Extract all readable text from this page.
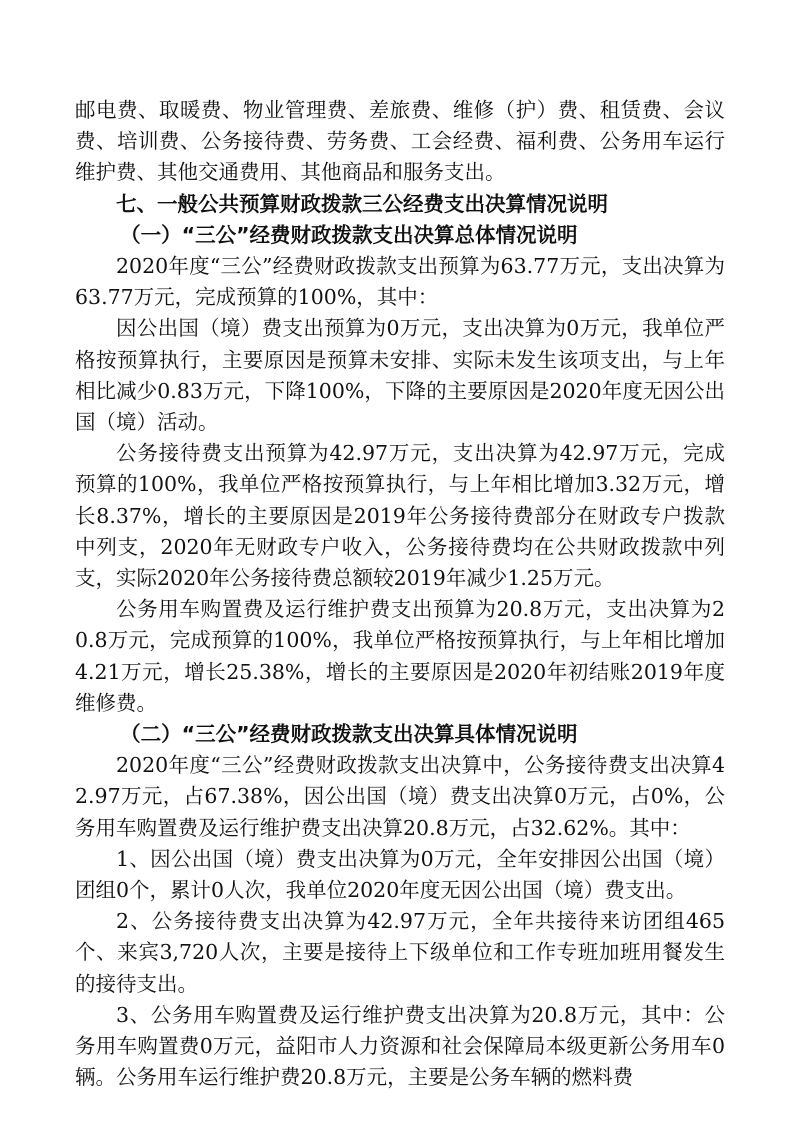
邮电费、取暖费、物业管理费、差旅费、维修（护）费、租赁费、会议费、培训费、公务接待费、劳务费、工会经费、福利费、公务用车运行维护费、其他交通费用、其他商品和服务支出。

七、一般公共预算财政拨款三公经费支出决算情况说明

（一）“三公”经费财政拨款支出决算总体情况说明

2020年度“三公”经费财政拨款支出预算为63.77万元，支出决算为63.77万元，完成预算的100%，其中：

因公出国（境）费支出预算为0万元，支出决算为0万元，我单位严格按预算执行，主要原因是预算未安排、实际未发生该项支出，与上年相比减少0.83万元，下降100%，下降的主要原因是2020年度无因公出国（境）活动。

公务接待费支出预算为42.97万元，支出决算为42.97万元，完成预算的100%，我单位严格按预算执行，与上年相比增加3.32万元，增长8.37%，增长的主要原因是2019年公务接待费部分在财政专户拨款中列支，2020年无财政专户收入，公务接待费均在公共财政拨款中列支，实际2020年公务接待费总额较2019年减少1.25万元。

公务用车购置费及运行维护费支出预算为20.8万元，支出决算为20.8万元，完成预算的100%，我单位严格按预算执行，与上年相比增加4.21万元，增长25.38%，增长的主要原因是2020年初结账2019年度维修费。

（二）“三公”经费财政拨款支出决算具体情况说明

2020年度“三公”经费财政拨款支出决算中，公务接待费支出决算42.97万元，占67.38%，因公出国（境）费支出决算0万元，占0%，公务用车购置费及运行维护费支出决算20.8万元，占32.62%。其中：

1、因公出国（境）费支出决算为0万元，全年安排因公出国（境）团组0个，累计0人次，我单位2020年度无因公出国（境）费支出。

2、公务接待费支出决算为42.97万元，全年共接待来访团组465个、来宾3,720人次，主要是接待上下级单位和工作专班加班用餐发生的接待支出。

3、公务用车购置费及运行维护费支出决算为20.8万元，其中：公务用车购置费0万元，益阳市人力资源和社会保障局本级更新公务用车0辆。公务用车运行维护费20.8万元，主要是公务车辆的燃料费
